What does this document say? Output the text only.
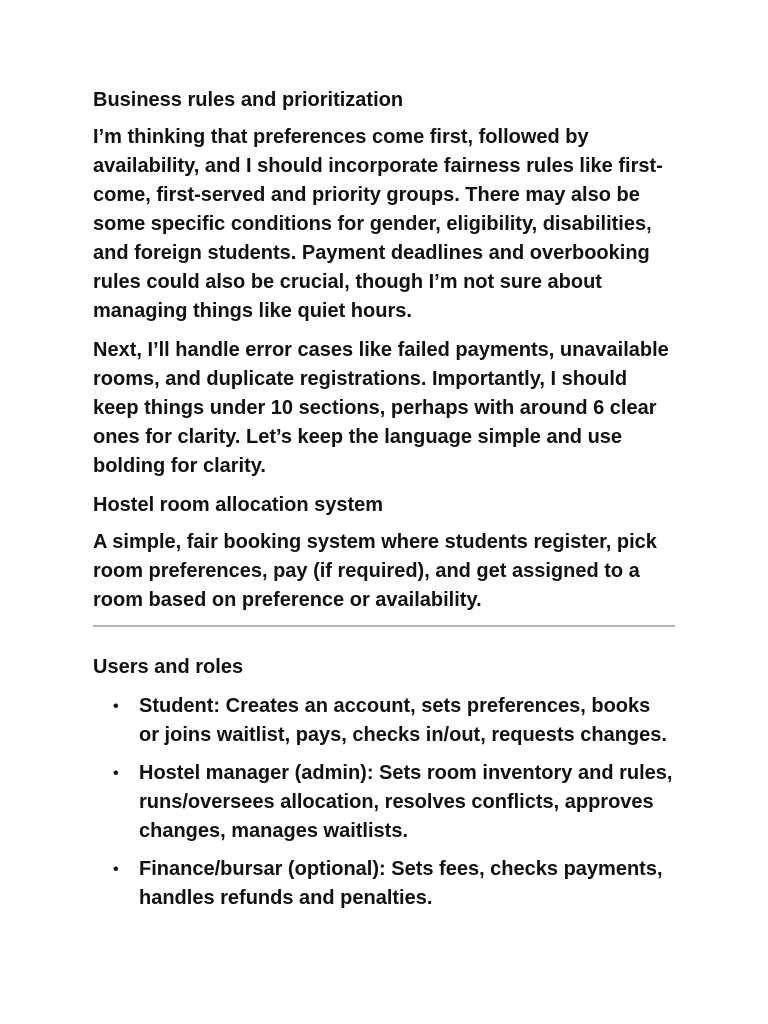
Business rules and prioritization

I’m thinking that preferences come first, followed by availability, and I should incorporate fairness rules like first-come, first-served and priority groups. There may also be some specific conditions for gender, eligibility, disabilities, and foreign students. Payment deadlines and overbooking rules could also be crucial, though I’m not sure about managing things like quiet hours.

Next, I’ll handle error cases like failed payments, unavailable rooms, and duplicate registrations. Importantly, I should keep things under 10 sections, perhaps with around 6 clear ones for clarity. Let’s keep the language simple and use bolding for clarity.

Hostel room allocation system

A simple, fair booking system where students register, pick room preferences, pay (if required), and get assigned to a room based on preference or availability.

Users and roles
• Student: Creates an account, sets preferences, books or joins waitlist, pays, checks in/out, requests changes.
• Hostel manager (admin): Sets room inventory and rules, runs/oversees allocation, resolves conflicts, approves changes, manages waitlists.
• Finance/bursar (optional): Sets fees, checks payments, handles refunds and penalties.
